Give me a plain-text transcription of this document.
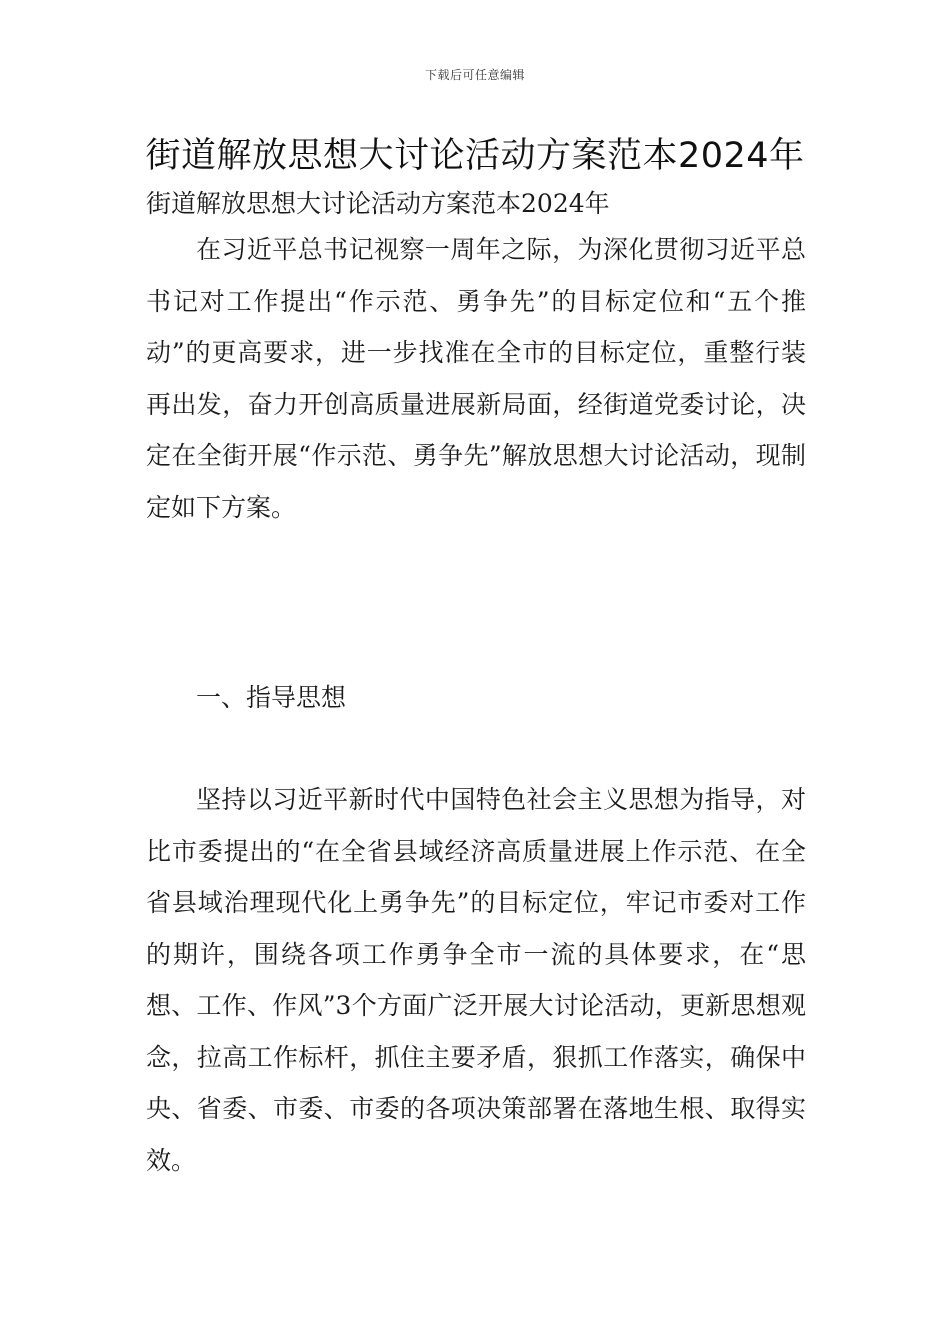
下载后可任意编辑
街道解放思想大讨论活动方案范本2024年
街道解放思想大讨论活动方案范本2024年

在习近平总书记视察一周年之际，为深化贯彻习近平总书记对工作提出“作示范、勇争先”的目标定位和“五个推动”的更高要求，进一步找准在全市的目标定位，重整行装再出发，奋力开创高质量进展新局面，经街道党委讨论，决定在全街开展“作示范、勇争先”解放思想大讨论活动，现制定如下方案。

一、指导思想

坚持以习近平新时代中国特色社会主义思想为指导，对比市委提出的“在全省县域经济高质量进展上作示范、在全省县域治理现代化上勇争先”的目标定位，牢记市委对工作的期许，围绕各项工作勇争全市一流的具体要求，在“思想、工作、作风”3个方面广泛开展大讨论活动，更新思想观念，拉高工作标杆，抓住主要矛盾，狠抓工作落实，确保中央、省委、市委、市委的各项决策部署在落地生根、取得实效。
